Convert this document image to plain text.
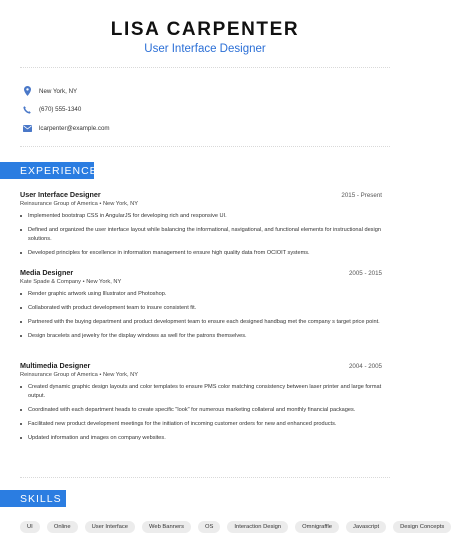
LISA CARPENTER
User Interface Designer
New York, NY
(670) 555-1340
lcarpenter@example.com
EXPERIENCE
User Interface Designer	2015 - Present
Reinsurance Group of America • New York, NY
Implemented bootstrap CSS in AngularJS for developing rich and responsive UI.
Defined and organized the user interface layout while balancing the informational, navigational, and functional elements for instructional design solutions.
Developed principles for excellence in information management to ensure high quality data from OCIOIT systems.
Media Designer	2005 - 2015
Kate Spade & Company • New York, NY
Render graphic artwork using Illustrator and Photoshop.
Collaborated with product development team to insure consistent fit.
Partnered with the buying department and product development team to ensure each designed handbag met the company s target price point.
Design bracelets and jewelry for the display windows as well for the patrons themselves.
Multimedia Designer	2004 - 2005
Reinsurance Group of America • New York, NY
Created dynamic graphic design layouts and color templates to ensure PMS color matching consistency between laser printer and large format output.
Coordinated with each department heads to create specific "look" for numerous marketing collateral and monthly financial packages.
Facilitated new product development meetings for the initiation of incoming customer orders for new and enhanced products.
Updated information and images on company websites.
SKILLS
UI	Online	User Interface	Web Banners	OS	Interaction Design	Omnigraffle	Javascript	Design Concepts
